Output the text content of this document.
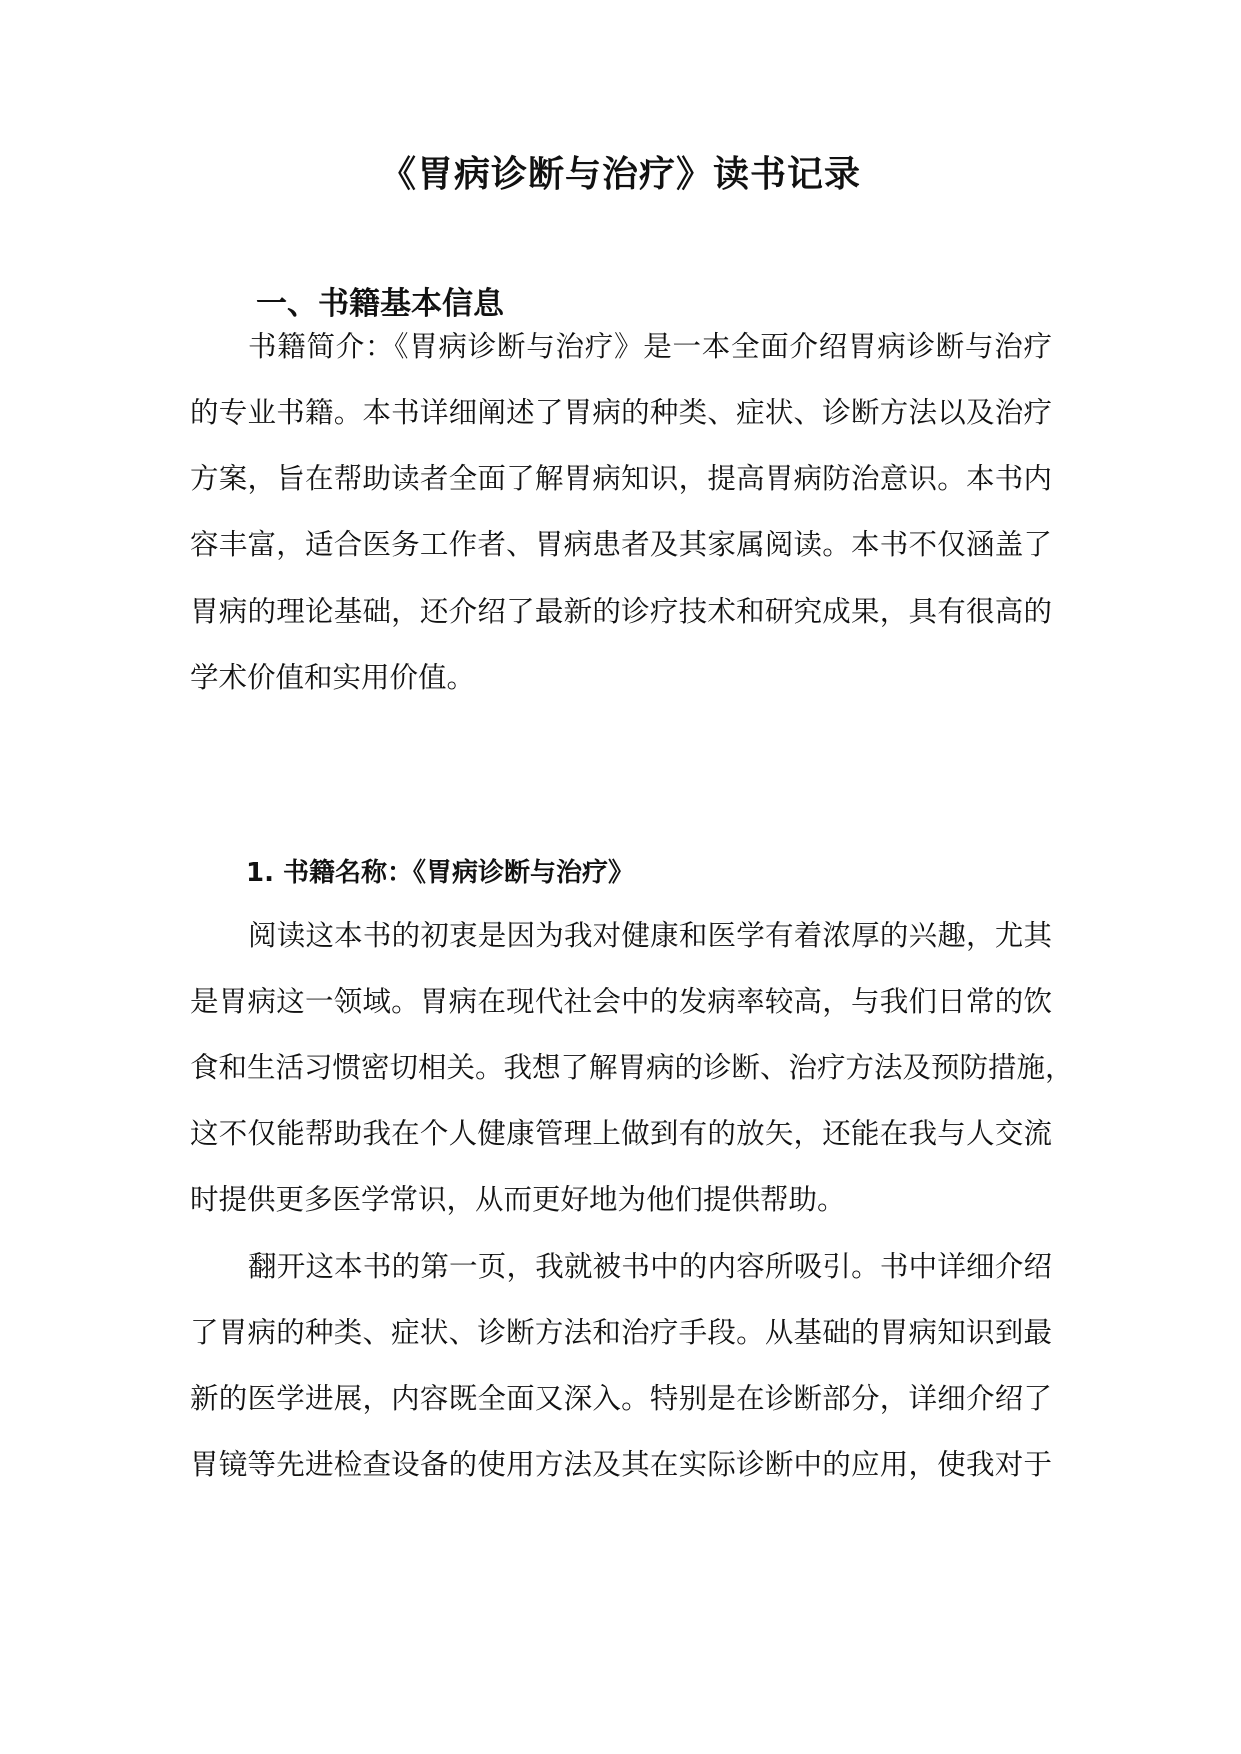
《胃病诊断与治疗》读书记录
一、书籍基本信息

书籍简介：《胃病诊断与治疗》是一本全面介绍胃病诊断与治疗

的专业书籍。本书详细阐述了胃病的种类、症状、诊断方法以及治疗

方案，旨在帮助读者全面了解胃病知识，提高胃病防治意识。本书内

容丰富，适合医务工作者、胃病患者及其家属阅读。本书不仅涵盖了

胃病的理论基础，还介绍了最新的诊疗技术和研究成果，具有很高的

学术价值和实用价值。

1. 书籍名称：《胃病诊断与治疗》

阅读这本书的初衷是因为我对健康和医学有着浓厚的兴趣，尤其

是胃病这一领域。胃病在现代社会中的发病率较高，与我们日常的饮

食和生活习惯密切相关。我想了解胃病的诊断、治疗方法及预防措施，

这不仅能帮助我在个人健康管理上做到有的放矢，还能在我与人交流

时提供更多医学常识，从而更好地为他们提供帮助。

翻开这本书的第一页，我就被书中的内容所吸引。书中详细介绍

了胃病的种类、症状、诊断方法和治疗手段。从基础的胃病知识到最

新的医学进展，内容既全面又深入。特别是在诊断部分，详细介绍了

胃镜等先进检查设备的使用方法及其在实际诊断中的应用，使我对于
